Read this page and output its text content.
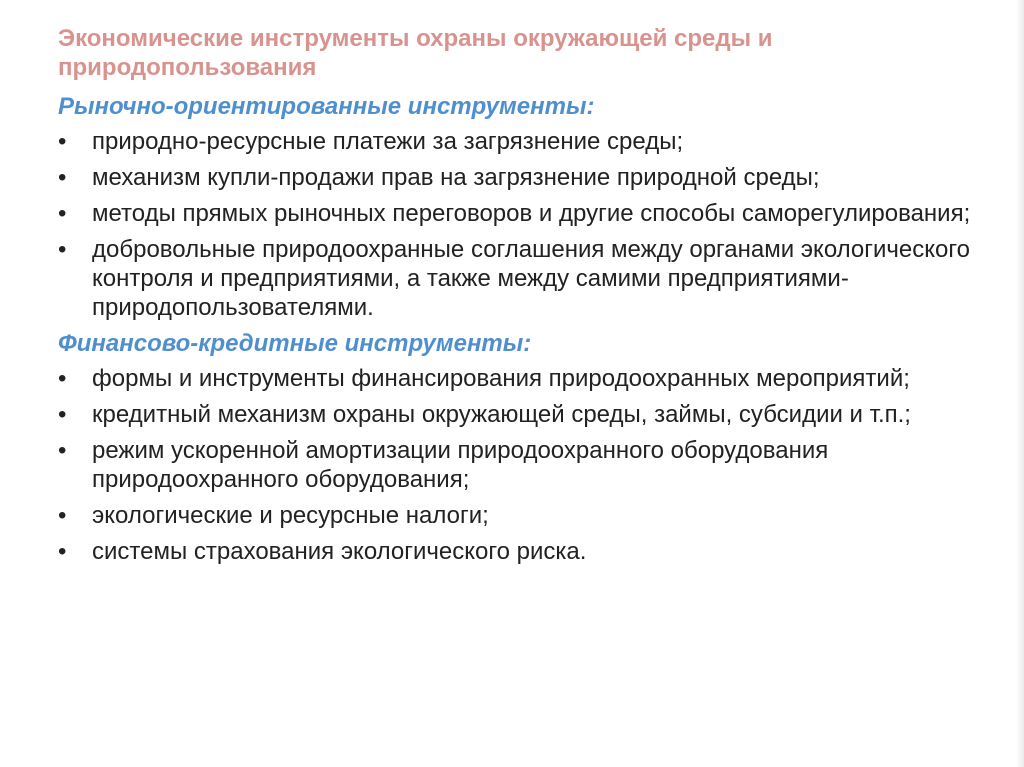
Экономические инструменты охраны окружающей среды и природопользования
Рыночно-ориентированные инструменты:
•	природно-ресурсные платежи за загрязнение среды;
•	механизм купли-продажи прав на загрязнение природной среды;
•	методы прямых рыночных переговоров и другие способы саморегулирования;
•	добровольные природоохранные соглашения между органами экологического контроля и предприятиями, а также между самими предприятиями- природопользователями.
Финансово-кредитные инструменты:
•	формы и инструменты финансирования природоохранных мероприятий;
•	кредитный механизм охраны окружающей среды, займы, субсидии и т.п.;
•	режим ускоренной амортизации природоохранного оборудования природоохранного оборудования;
•	экологические и ресурсные налоги;
•	системы страхования экологического риска.
